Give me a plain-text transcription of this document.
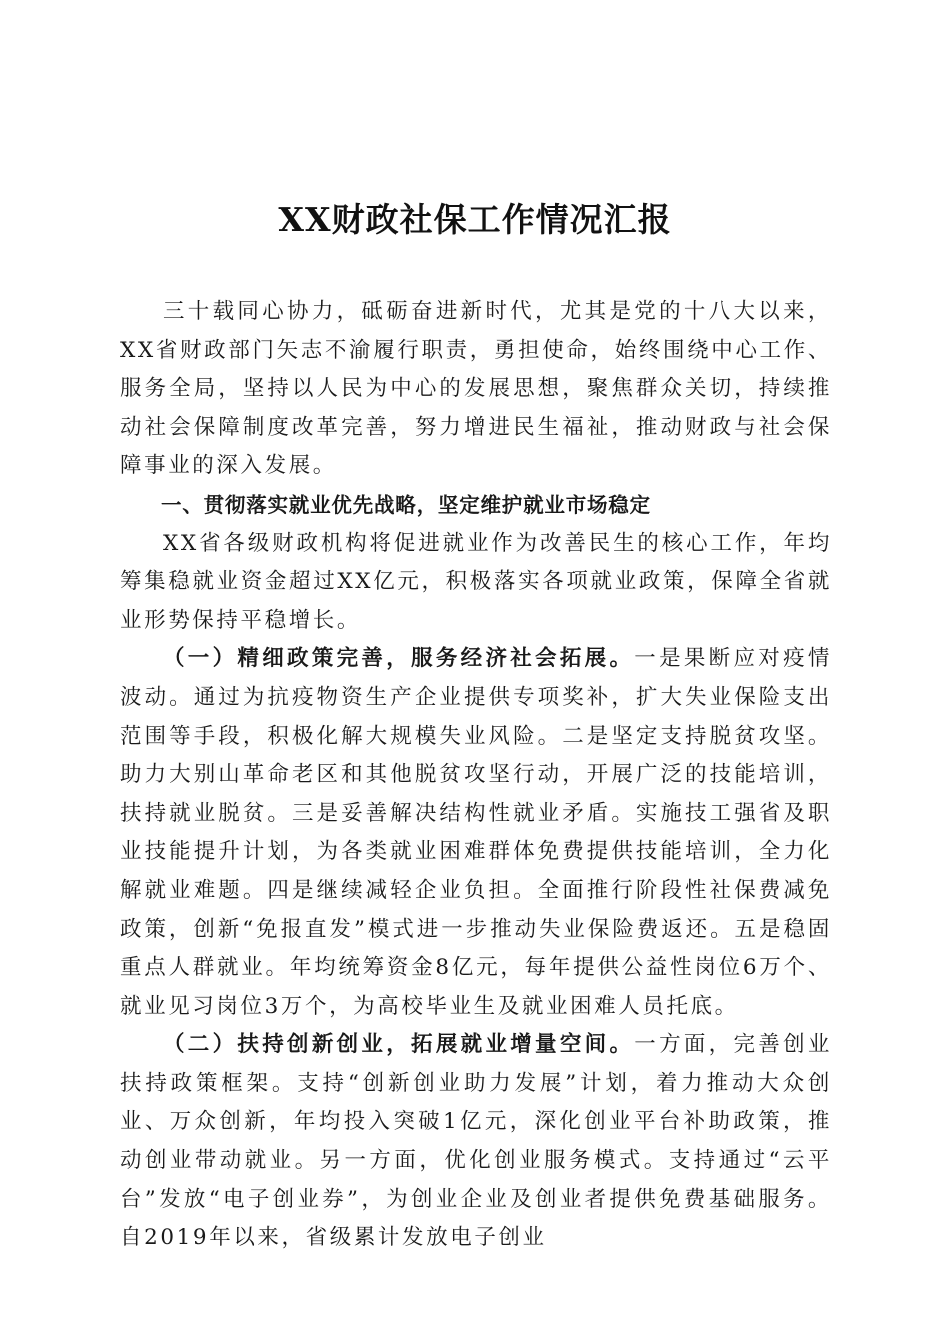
XX财政社保工作情况汇报

三十载同心协力，砥砺奋进新时代，尤其是党的十八大以来，XX省财政部门矢志不渝履行职责，勇担使命，始终围绕中心工作、服务全局，坚持以人民为中心的发展思想，聚焦群众关切，持续推动社会保障制度改革完善，努力增进民生福祉，推动财政与社会保障事业的深入发展。

一、贯彻落实就业优先战略，坚定维护就业市场稳定

XX省各级财政机构将促进就业作为改善民生的核心工作，年均筹集稳就业资金超过XX亿元，积极落实各项就业政策，保障全省就业形势保持平稳增长。

（一）精细政策完善，服务经济社会拓展。一是果断应对疫情波动。通过为抗疫物资生产企业提供专项奖补，扩大失业保险支出范围等手段，积极化解大规模失业风险。二是坚定支持脱贫攻坚。助力大别山革命老区和其他脱贫攻坚行动，开展广泛的技能培训，扶持就业脱贫。三是妥善解决结构性就业矛盾。实施技工强省及职业技能提升计划，为各类就业困难群体免费提供技能培训，全力化解就业难题。四是继续减轻企业负担。全面推行阶段性社保费减免政策，创新“免报直发”模式进一步推动失业保险费返还。五是稳固重点人群就业。年均统筹资金8亿元，每年提供公益性岗位6万个、就业见习岗位3万个，为高校毕业生及就业困难人员托底。

（二）扶持创新创业，拓展就业增量空间。一方面，完善创业扶持政策框架。支持“创新创业助力发展”计划，着力推动大众创业、万众创新，年均投入突破1亿元，深化创业平台补助政策，推动创业带动就业。另一方面，优化创业服务模式。支持通过“云平台”发放“电子创业券”，为创业企业及创业者提供免费基础服务。自2019年以来，省级累计发放电子创业
